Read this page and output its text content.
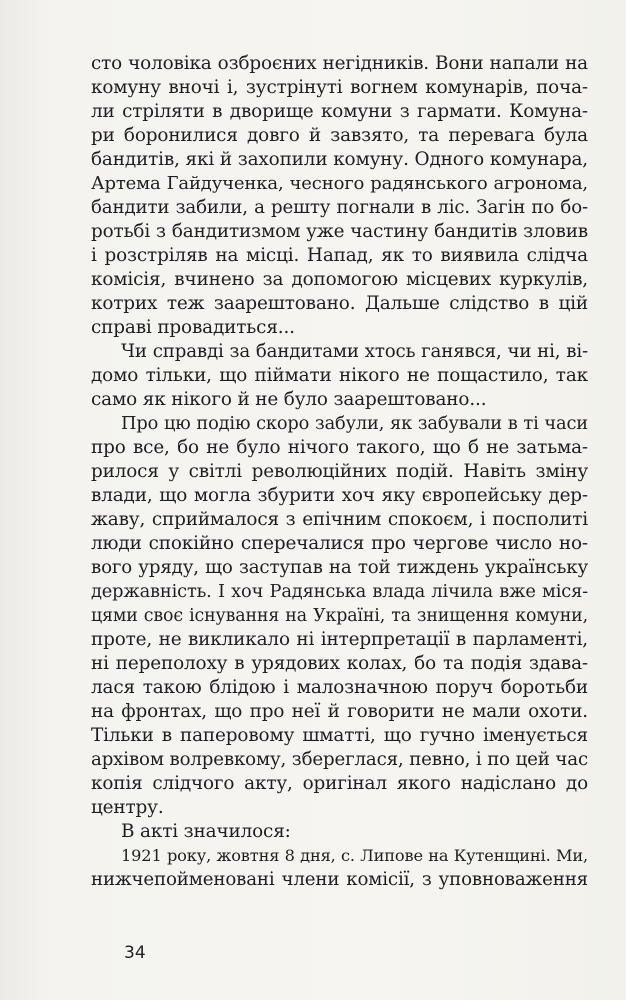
сто чоловіка озброєних негідників. Вони напали на
комуну вночі і, зустрінуті вогнем комунарів, поча-
ли стріляти в дворище комуни з гармати. Комуна-
ри боронилися довго й завзято, та перевага була
бандитів, які й захопили комуну. Одного комунара,
Артема Гайдученка, чесного радянського агронома,
бандити забили, а решту погнали в ліс. Загін по бо-
ротьбі з бандитизмом уже частину бандитів зловив
і розстріляв на місці. Напад, як то виявила слідча
комісія, вчинено за допомогою місцевих куркулів,
котрих теж заарештовано. Дальше слідство в цій
справі провадиться...
Чи справді за бандитами хтось ганявся, чи ні, ві-
домо тільки, що піймати нікого не пощастило, так
само як нікого й не було заарештовано...
Про цю подію скоро забули, як забували в ті часи
про все, бо не було нічого такого, що б не затьма-
рилося у світлі революційних подій. Навіть зміну
влади, що могла збурити хоч яку європейську дер-
жаву, сприймалося з епічним спокоєм, і посполиті
люди спокійно сперечалися про чергове число но-
вого уряду, що заступав на той тиждень українську
державність. І хоч Радянська влада лічила вже міся-
цями своє існування на Україні, та знищення комуни,
проте, не викликало ні інтерпретації в парламенті,
ні переполоху в урядових колах, бо та подія здава-
лася такою блідою і малозначною поруч боротьби
на фронтах, що про неї й говорити не мали охоти.
Тільки в паперовому шматті, що гучно іменується
архівом волревкому, збереглася, певно, і по цей час
копія слідчого акту, оригінал якого надіслано до
центру.
В акті значилося:
1921 року, жовтня 8 дня, с. Липове на Кутенщині. Ми,
нижчепойменовані члени комісії, з уповноваження
34
